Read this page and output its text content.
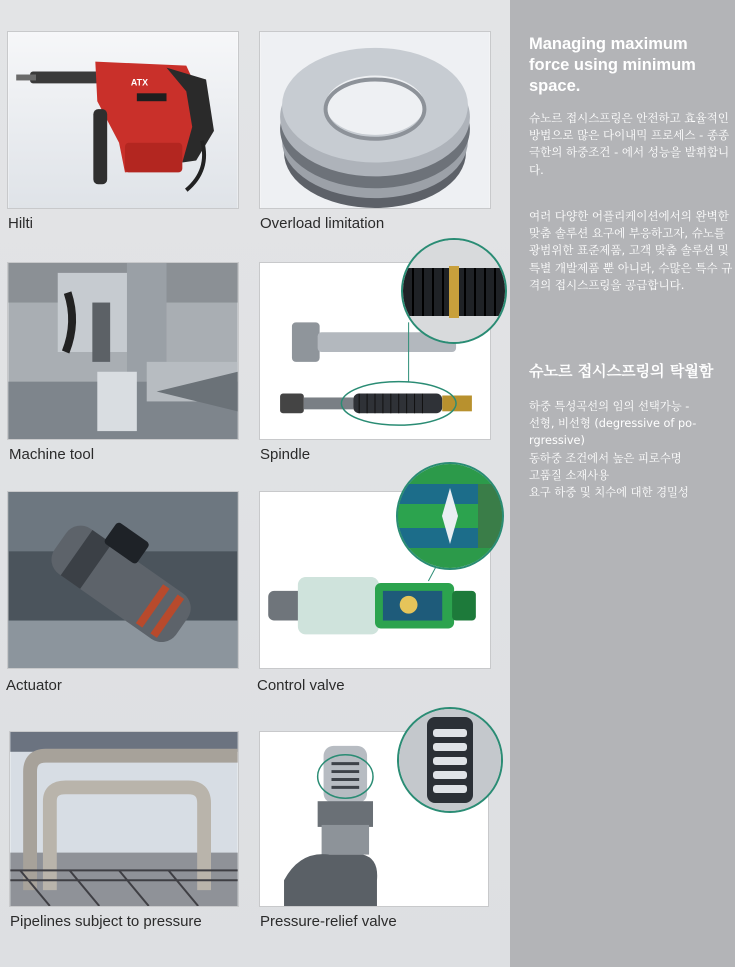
ATX
Hilti	Overload limitation
Machine tool	Spindle
Actuator	Control valve
Pipelines subject to pressure	Pressure-relief valve
Managing maximum force using minimum space.
슈노르 접시스프링은 안전하고 효율적인 방법으로 많은 다이내믹 프로세스 - 종종 극한의 하중조건 - 에서 성능을 발휘합니다.
여러 다양한 어플리케이션에서의 완벽한 맞춤 솔루션 요구에 부응하고자, 슈노를 광범위한 표준제품, 고객 맞춤 솔루션 및 특별 개발제품 뿐 아니라, 수많은 특수 규격의 접시스프링을 공급합니다.
슈노르 접시스프링의 탁월함
하중 특성곡선의 임의 선택가능 -
선형, 비선형 (degressive of po-
rgressive)
동하중 조건에서 높은 피로수명
고품질 소재사용
요구 하중 및 치수에 대한 경밀성
